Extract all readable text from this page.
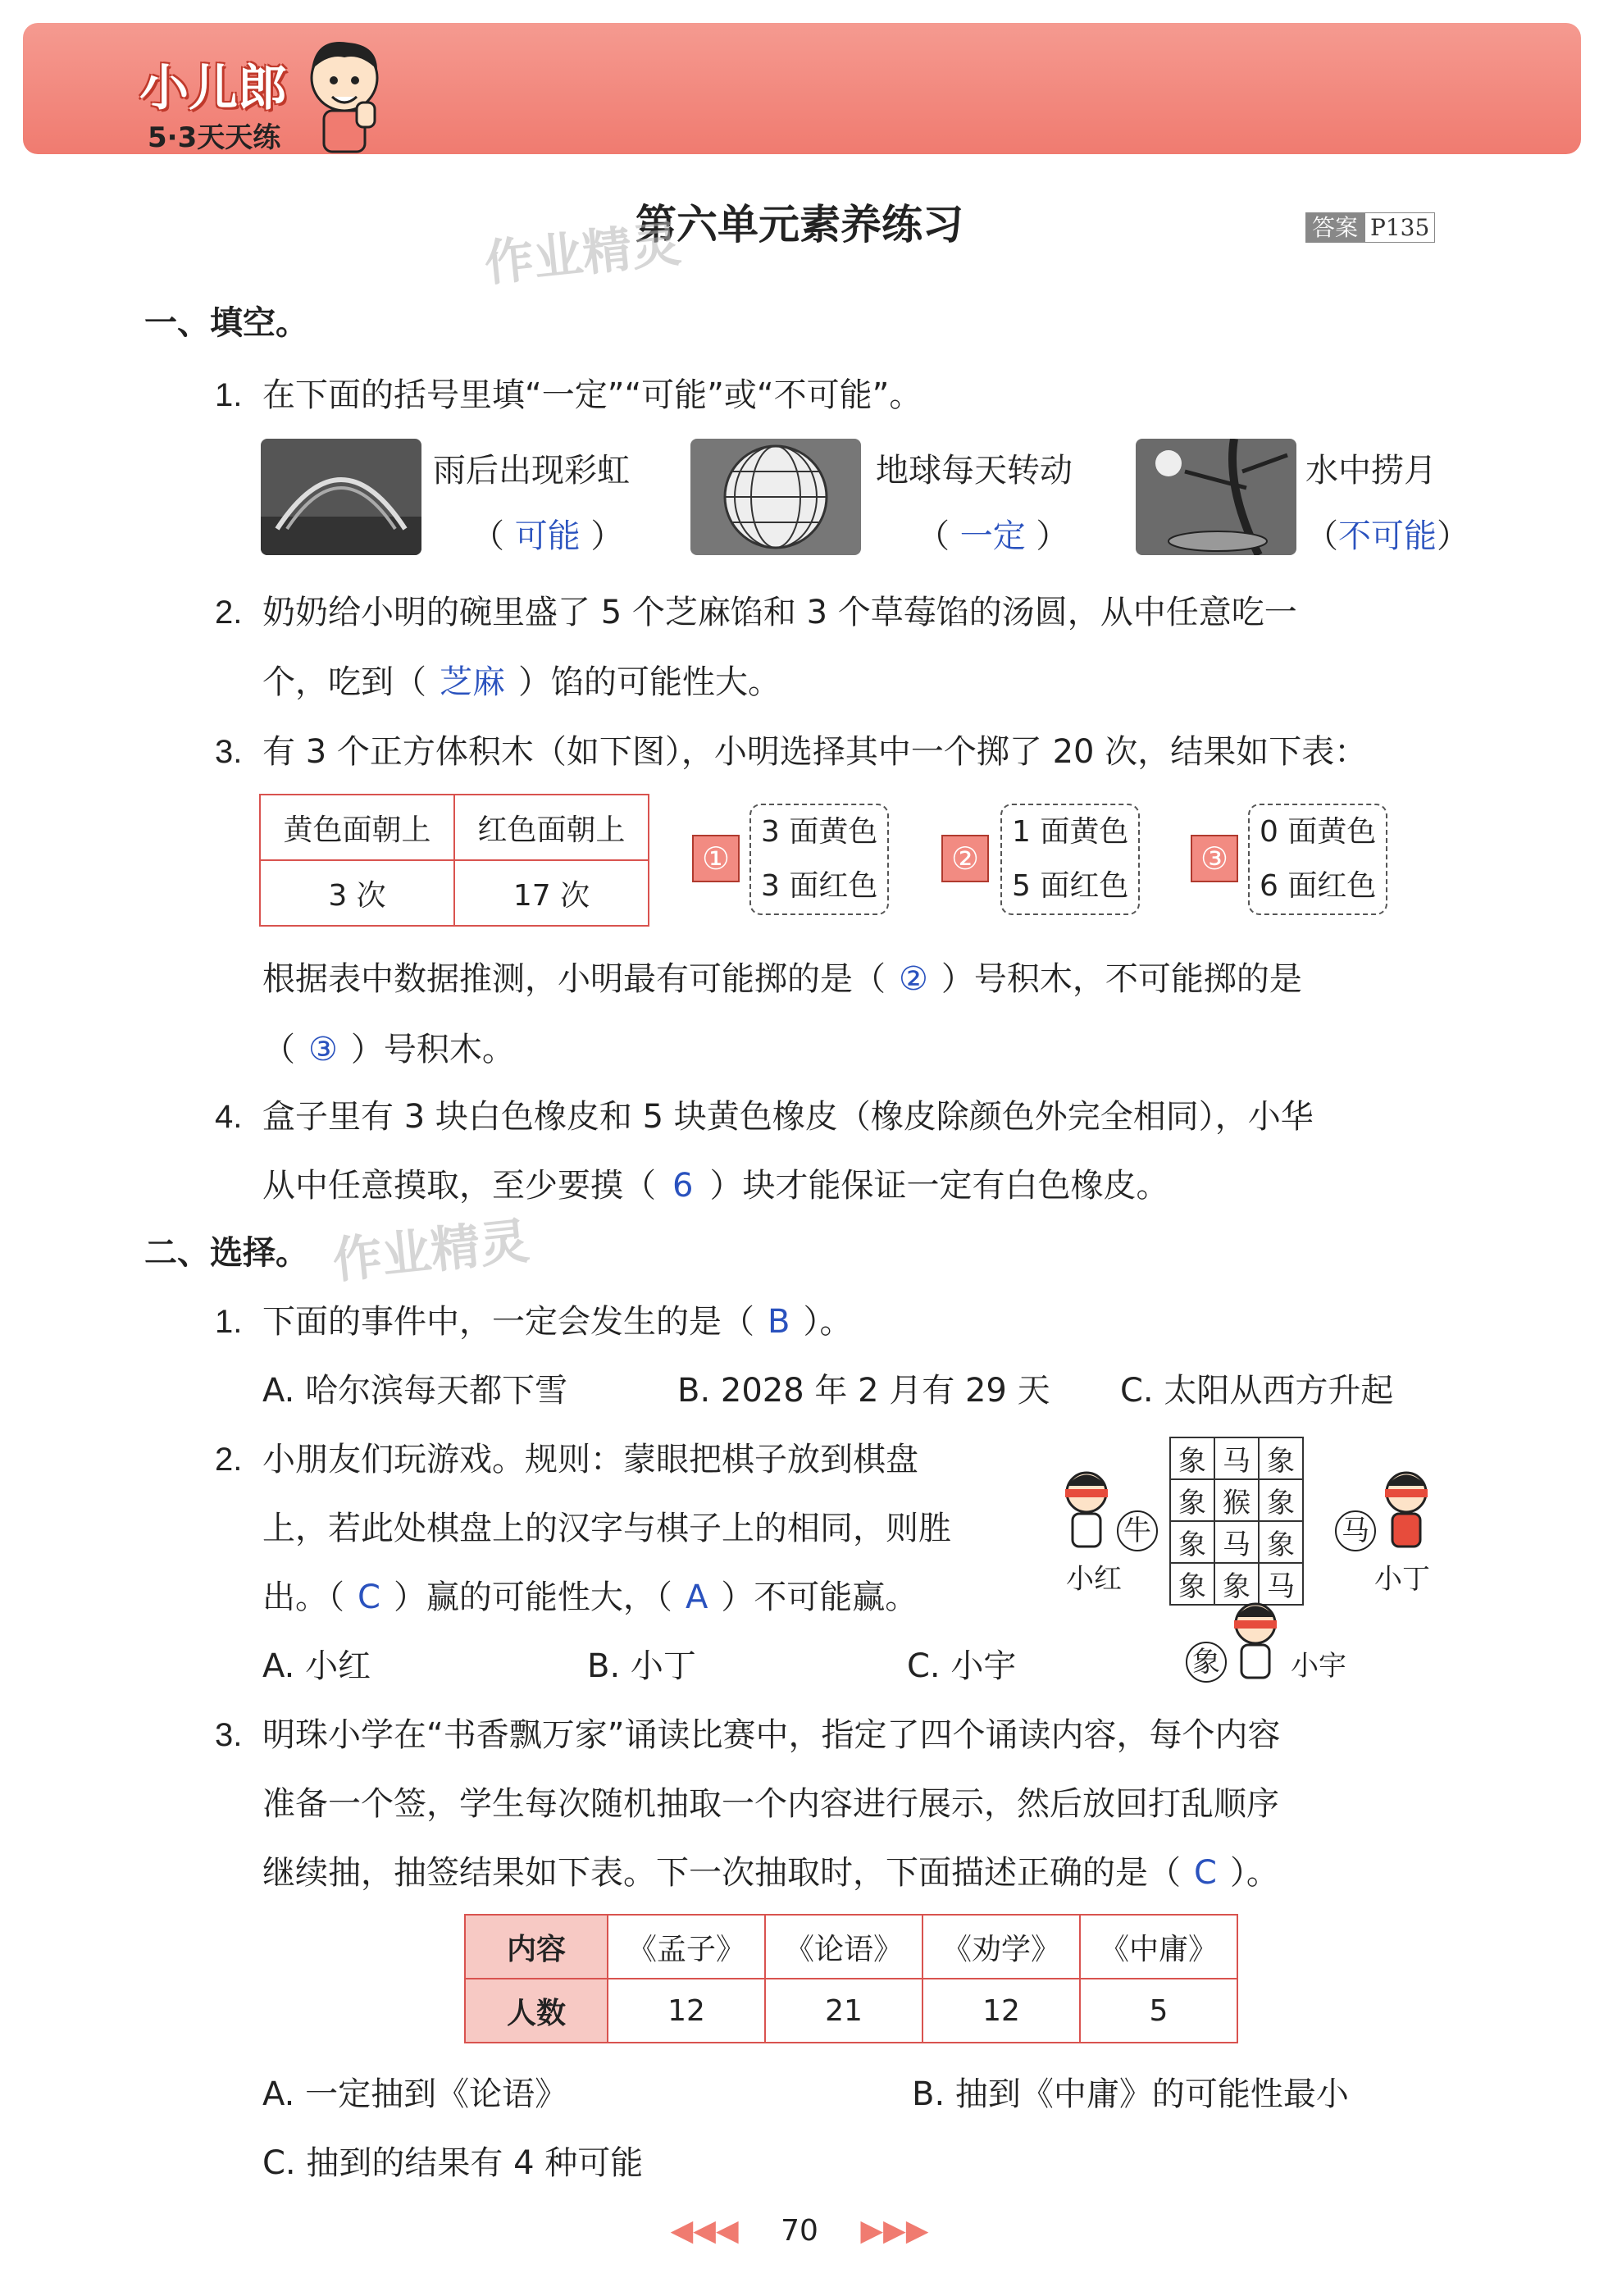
小儿郎
5·3天天练
第六单元素养练习	答案 P135
作业精灵
一、填空。
1. 在下面的括号里填“一定”“可能”或“不可能”。
雨后出现彩虹
（ 可能 ）
地球每天转动
（ 一定 ）
水中捞月
（不可能）
2. 奶奶给小明的碗里盛了 5 个芝麻馅和 3 个草莓馅的汤圆，从中任意吃一
个，吃到（ 芝麻 ）馅的可能性大。
3. 有 3 个正方体积木（如下图），小明选择其中一个掷了 20 次，结果如下表：
黄色面朝上	红色面朝上
3 次	17 次
①
3 面黄色
3 面红色
②
1 面黄色
5 面红色
③
0 面黄色
6 面红色
根据表中数据推测，小明最有可能掷的是（ ② ）号积木，不可能掷的是
（ ③ ）号积木。
4. 盒子里有 3 块白色橡皮和 5 块黄色橡皮（橡皮除颜色外完全相同），小华
从中任意摸取，至少要摸（ 6 ）块才能保证一定有白色橡皮。
二、选择。 作业精灵
1. 下面的事件中，一定会发生的是（ B ）。
A. 哈尔滨每天都下雪	B. 2028 年 2 月有 29 天 C. 太阳从西方升起
2. 小朋友们玩游戏。规则：蒙眼把棋子放到棋盘
上，若此处棋盘上的汉字与棋子上的相同，则胜
出。（ C ）赢的可能性大，（ A ）不可能赢。
A. 小红	B. 小丁	C. 小宇
象	马	象
象	猴	象
象	马	象
象	象	马
牛
小红
马
小丁
象	小宇
3. 明珠小学在“书香飘万家”诵读比赛中，指定了四个诵读内容，每个内容
准备一个签，学生每次随机抽取一个内容进行展示，然后放回打乱顺序
继续抽，抽签结果如下表。下一次抽取时，下面描述正确的是（ C ）。
内容	《孟子》	《论语》	《劝学》	《中庸》
人数	12	21	12	5
A. 一定抽到《论语》	B. 抽到《中庸》的可能性最小
C. 抽到的结果有 4 种可能
◀◀◀ 70 ▶▶▶
